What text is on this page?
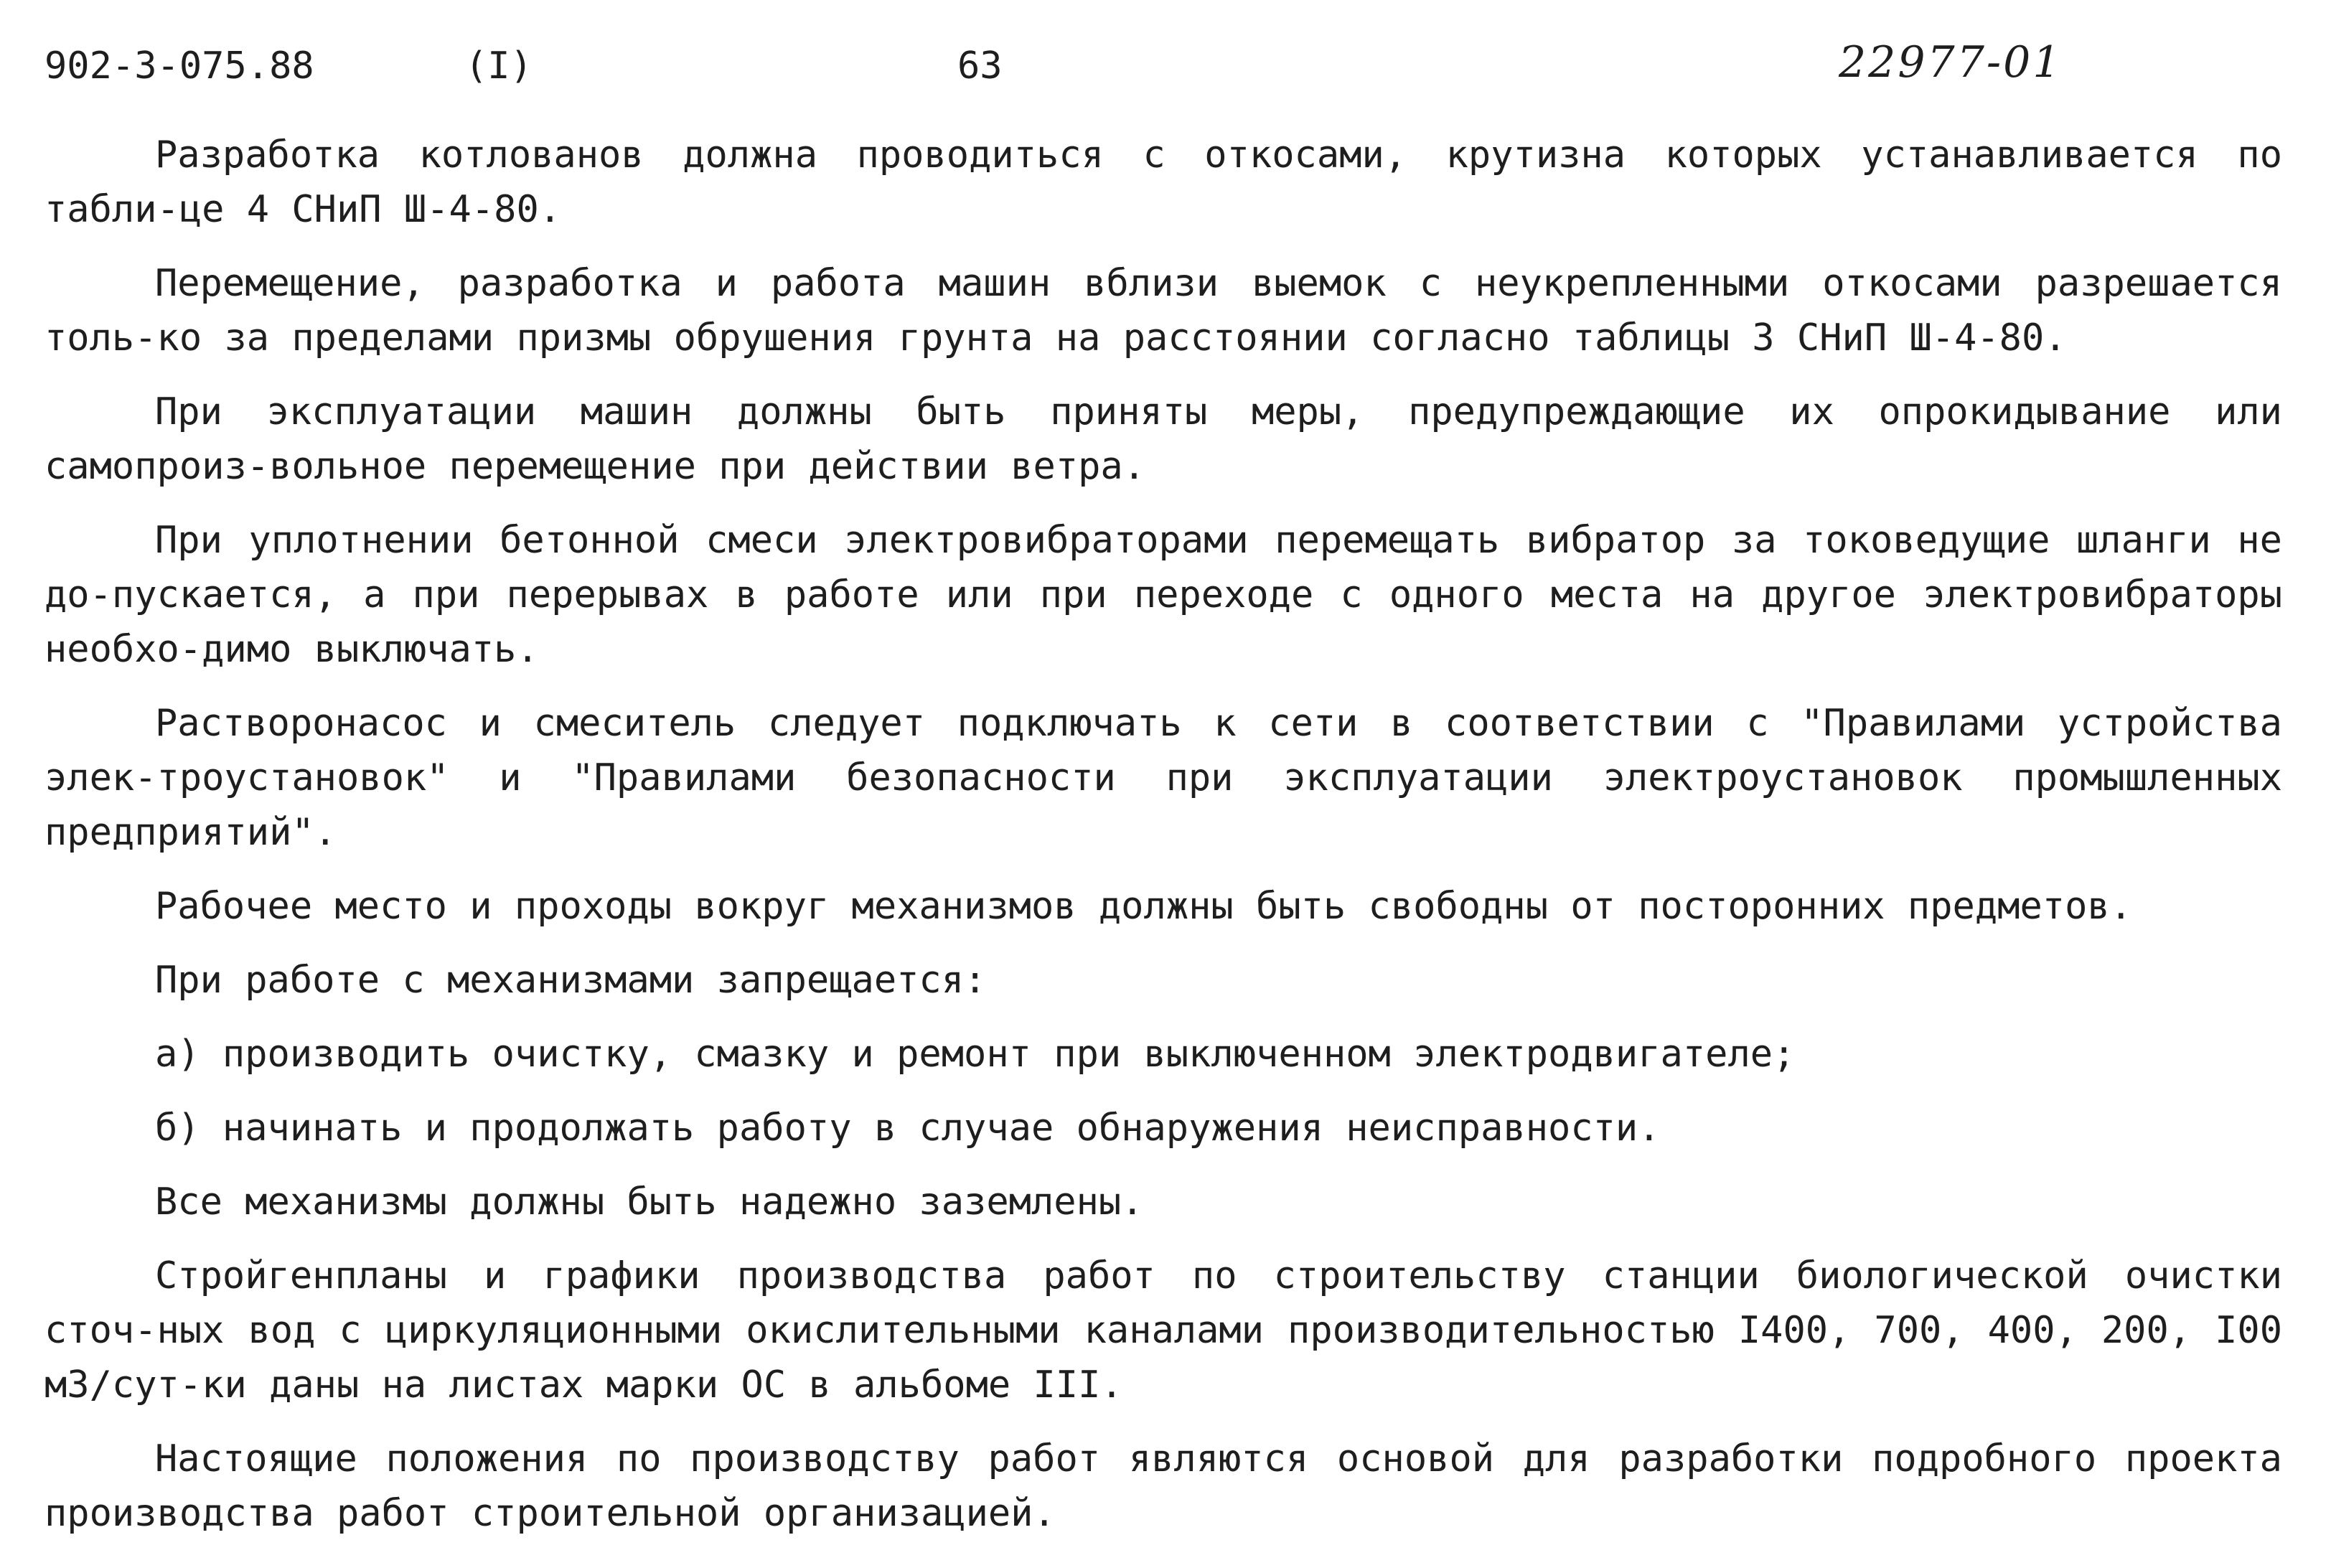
902-3-075.88	(I)	63	22977-01

Разработка котлованов должна проводиться с откосами, крутизна которых устанавливается по табли-це 4 СНиП Ш-4-80.

Перемещение, разработка и работа машин вблизи выемок с неукрепленными откосами разрешается толь-ко за пределами призмы обрушения грунта на расстоянии согласно таблицы 3 СНиП Ш-4-80.

При эксплуатации машин должны быть приняты меры, предупреждающие их опрокидывание или самопроиз-вольное перемещение при действии ветра.

При уплотнении бетонной смеси электровибраторами перемещать вибратор за токоведущие шланги не до-пускается, а при перерывах в работе или при переходе с одного места на другое электровибраторы необхо-димо выключать.

Растворонасос и смеситель следует подключать к сети в соответствии с "Правилами устройства элек-троустановок" и "Правилами безопасности при эксплуатации электроустановок промышленных предприятий".

Рабочее место и проходы вокруг механизмов должны быть свободны от посторонних предметов.

При работе с механизмами запрещается:

а) производить очистку, смазку и ремонт при выключенном электродвигателе;

б) начинать и продолжать работу в случае обнаружения неисправности.

Все механизмы должны быть надежно заземлены.

Стройгенпланы и графики производства работ по строительству станции биологической очистки сточ-ных вод с циркуляционными окислительными каналами производительностью I400, 700, 400, 200, I00 м3/сут-ки даны на листах марки ОС в альбоме III.

Настоящие положения по производству работ являются основой для разработки подробного проекта производства работ строительной организацией.
